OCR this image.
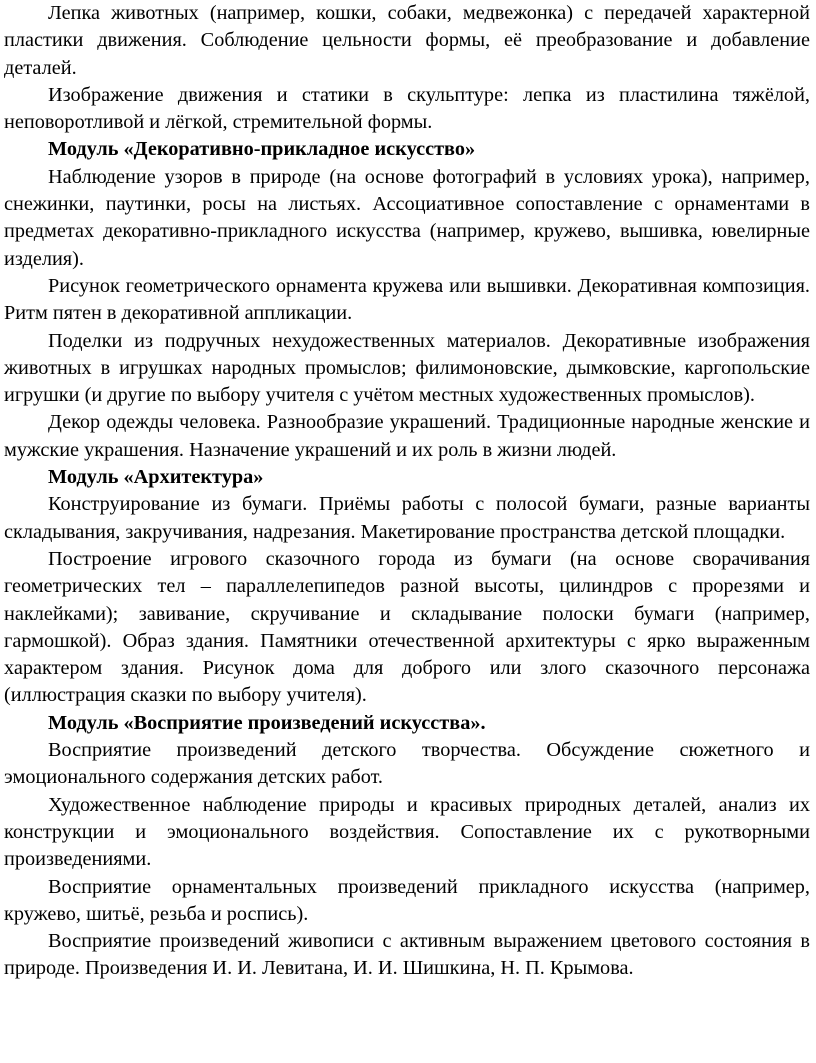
Лепка животных (например, кошки, собаки, медвежонка) с передачей характерной пластики движения. Соблюдение цельности формы, её преобразование и добавление деталей.

Изображение движения и статики в скульптуре: лепка из пластилина тяжёлой, неповоротливой и лёгкой, стремительной формы.

Модуль «Декоративно-прикладное искусство»

Наблюдение узоров в природе (на основе фотографий в условиях урока), например, снежинки, паутинки, росы на листьях. Ассоциативное сопоставление с орнаментами в предметах декоративно-прикладного искусства (например, кружево, вышивка, ювелирные изделия).

Рисунок геометрического орнамента кружева или вышивки. Декоративная композиция. Ритм пятен в декоративной аппликации.

Поделки из подручных нехудожественных материалов. Декоративные изображения животных в игрушках народных промыслов; филимоновские, дымковские, каргопольские игрушки (и другие по выбору учителя с учётом местных художественных промыслов).

Декор одежды человека. Разнообразие украшений. Традиционные народные женские и мужские украшения. Назначение украшений и их роль в жизни людей.

Модуль «Архитектура»

Конструирование из бумаги. Приёмы работы с полосой бумаги, разные варианты складывания, закручивания, надрезания. Макетирование пространства детской площадки.

Построение игрового сказочного города из бумаги (на основе сворачивания геометрических тел – параллелепипедов разной высоты, цилиндров с прорезями и наклейками); завивание, скручивание и складывание полоски бумаги (например, гармошкой). Образ здания. Памятники отечественной архитектуры с ярко выраженным характером здания. Рисунок дома для доброго или злого сказочного персонажа (иллюстрация сказки по выбору учителя).

Модуль «Восприятие произведений искусства».

Восприятие произведений детского творчества. Обсуждение сюжетного и эмоционального содержания детских работ.

Художественное наблюдение природы и красивых природных деталей, анализ их конструкции и эмоционального воздействия. Сопоставление их с рукотворными произведениями.

Восприятие орнаментальных произведений прикладного искусства (например, кружево, шитьё, резьба и роспись).

Восприятие произведений живописи с активным выражением цветового состояния в природе. Произведения И. И. Левитана, И. И. Шишкина, Н. П. Крымова.
